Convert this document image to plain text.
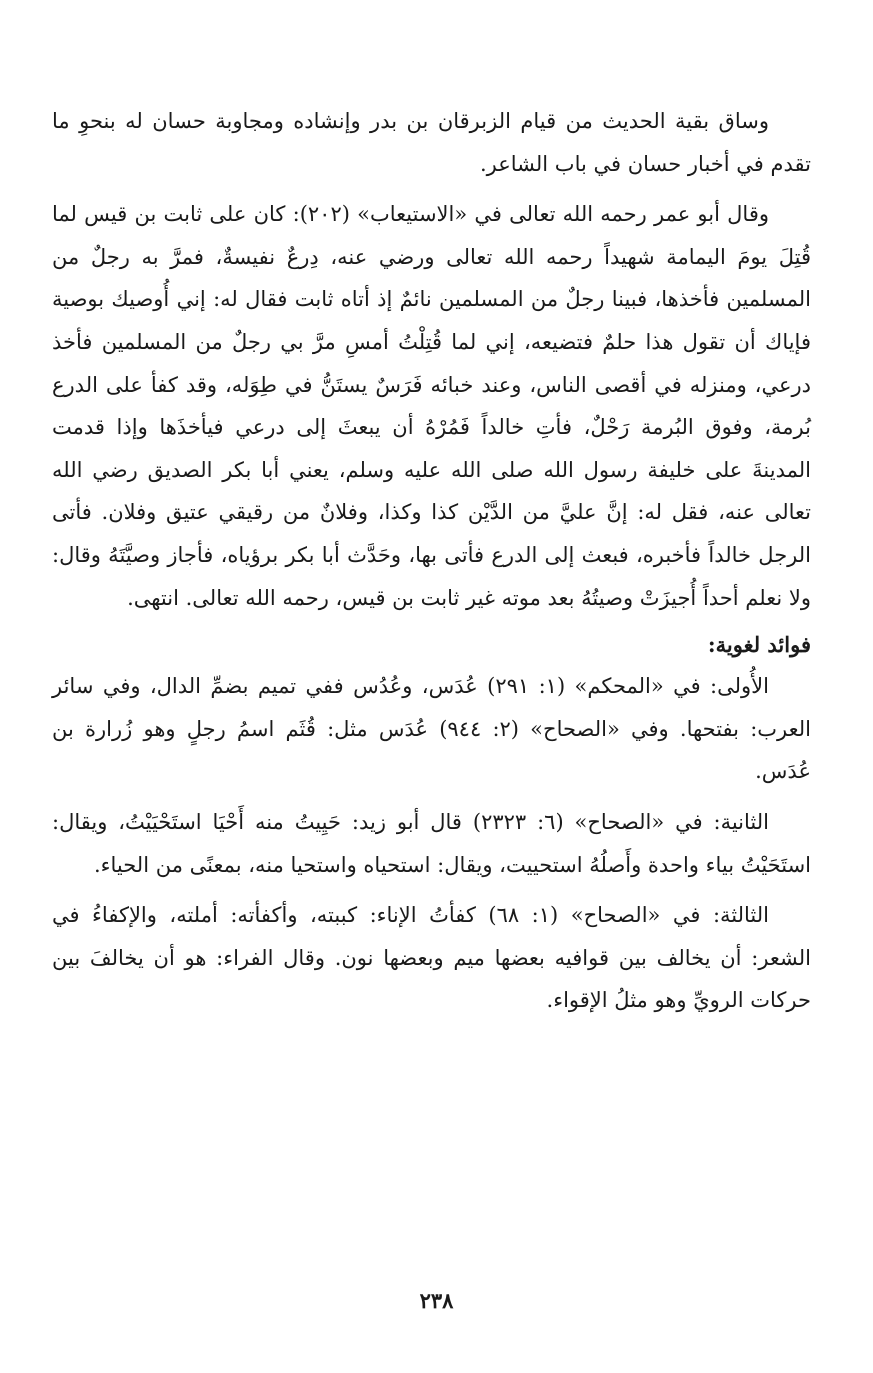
وساق بقية الحديث من قيام الزبرقان بن بدر وإنشاده ومجاوبة حسان له بنحوِ ما تقدم في أخبار حسان في باب الشاعر.

وقال أبو عمر رحمه الله تعالى في «الاستيعاب» (٢٠٢): كان على ثابت بن قيس لما قُتِلَ يومَ اليمامة شهيداً رحمه الله تعالى ورضي عنه، دِرعٌ نفيسةٌ، فمرَّ به رجلٌ من المسلمين فأخذها، فبينا رجلٌ من المسلمين نائمٌ إذ أتاه ثابت فقال له: إني أُوصيك بوصية فإياك أن تقول هذا حلمٌ فتضيعه، إني لما قُتِلْتُ أمسِ مرَّ بي رجلٌ من المسلمين فأخذ درعي، ومنزله في أقصى الناس، وعند خبائه فَرَسٌ يستَنُّ في طِوَله، وقد كفأ على الدرع بُرمة، وفوق البُرمة رَحْلٌ، فأتِ خالداً فَمُرْهُ أن يبعثَ إلى درعي فيأخذَها وإذا قدمت المدينةَ على خليفة رسول الله صلى الله عليه وسلم، يعني أبا بكر الصديق رضي الله تعالى عنه، فقل له: إنَّ عليَّ من الدَّيْن كذا وكذا، وفلانٌ من رقيقي عتيق وفلان. فأتى الرجل خالداً فأخبره، فبعث إلى الدرع فأتى بها، وحَدَّث أبا بكر برؤياه، فأجاز وصيَّتَهُ وقال: ولا نعلم أحداً أُجيزَتْ وصيتُهُ بعد موته غير ثابت بن قيس، رحمه الله تعالى. انتهى.

فوائد لغوية:

الأُولى: في «المحكم» (١: ٢٩١) عُدَس، وعُدُس ففي تميم بضمِّ الدال، وفي سائر العرب: بفتحها. وفي «الصحاح» (٢: ٩٤٤) عُدَس مثل: قُثَم اسمُ رجلٍ وهو زُرارة بن عُدَس.

الثانية: في «الصحاح» (٦: ٢٣٢٣) قال أبو زيد: حَيِيتُ منه أَحْيَا استَحْيَيْتُ، ويقال: استَحَيْتُ بياء واحدة وأَصلُهُ استحييت، ويقال: استحياه واستحيا منه، بمعنًى من الحياء.

الثالثة: في «الصحاح» (١: ٦٨) كفأتُ الإناء: كببته، وأكفأته: أملته، والإكفاءُ في الشعر: أن يخالف بين قوافيه بعضها ميم وبعضها نون. وقال الفراء: هو أن يخالفَ بين حركات الرويِّ وهو مثلُ الإقواء.

٢٣٨
